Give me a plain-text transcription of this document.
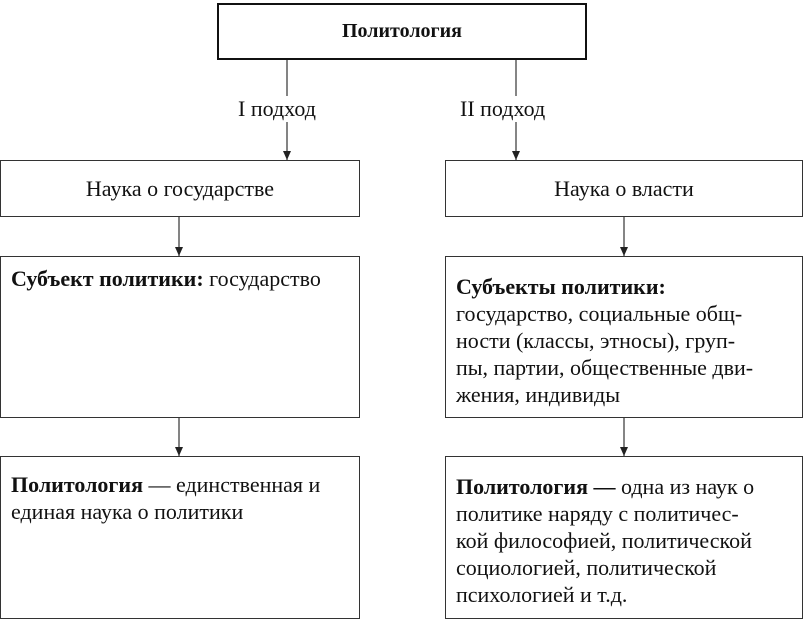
Политология
I подход	II подход
Наука о государстве	Наука о власти
Субъект политики: государство	Субъекты политики:
государство, социальные общ-
ности (классы, этносы), груп-
пы, партии, общественные дви-
жения, индивиды
Политология — единственная и единая наука о политики
Политология — одна из наук о
политике наряду с политичес-
кой философией, политической
социологией, политической
психологией и т.д.
